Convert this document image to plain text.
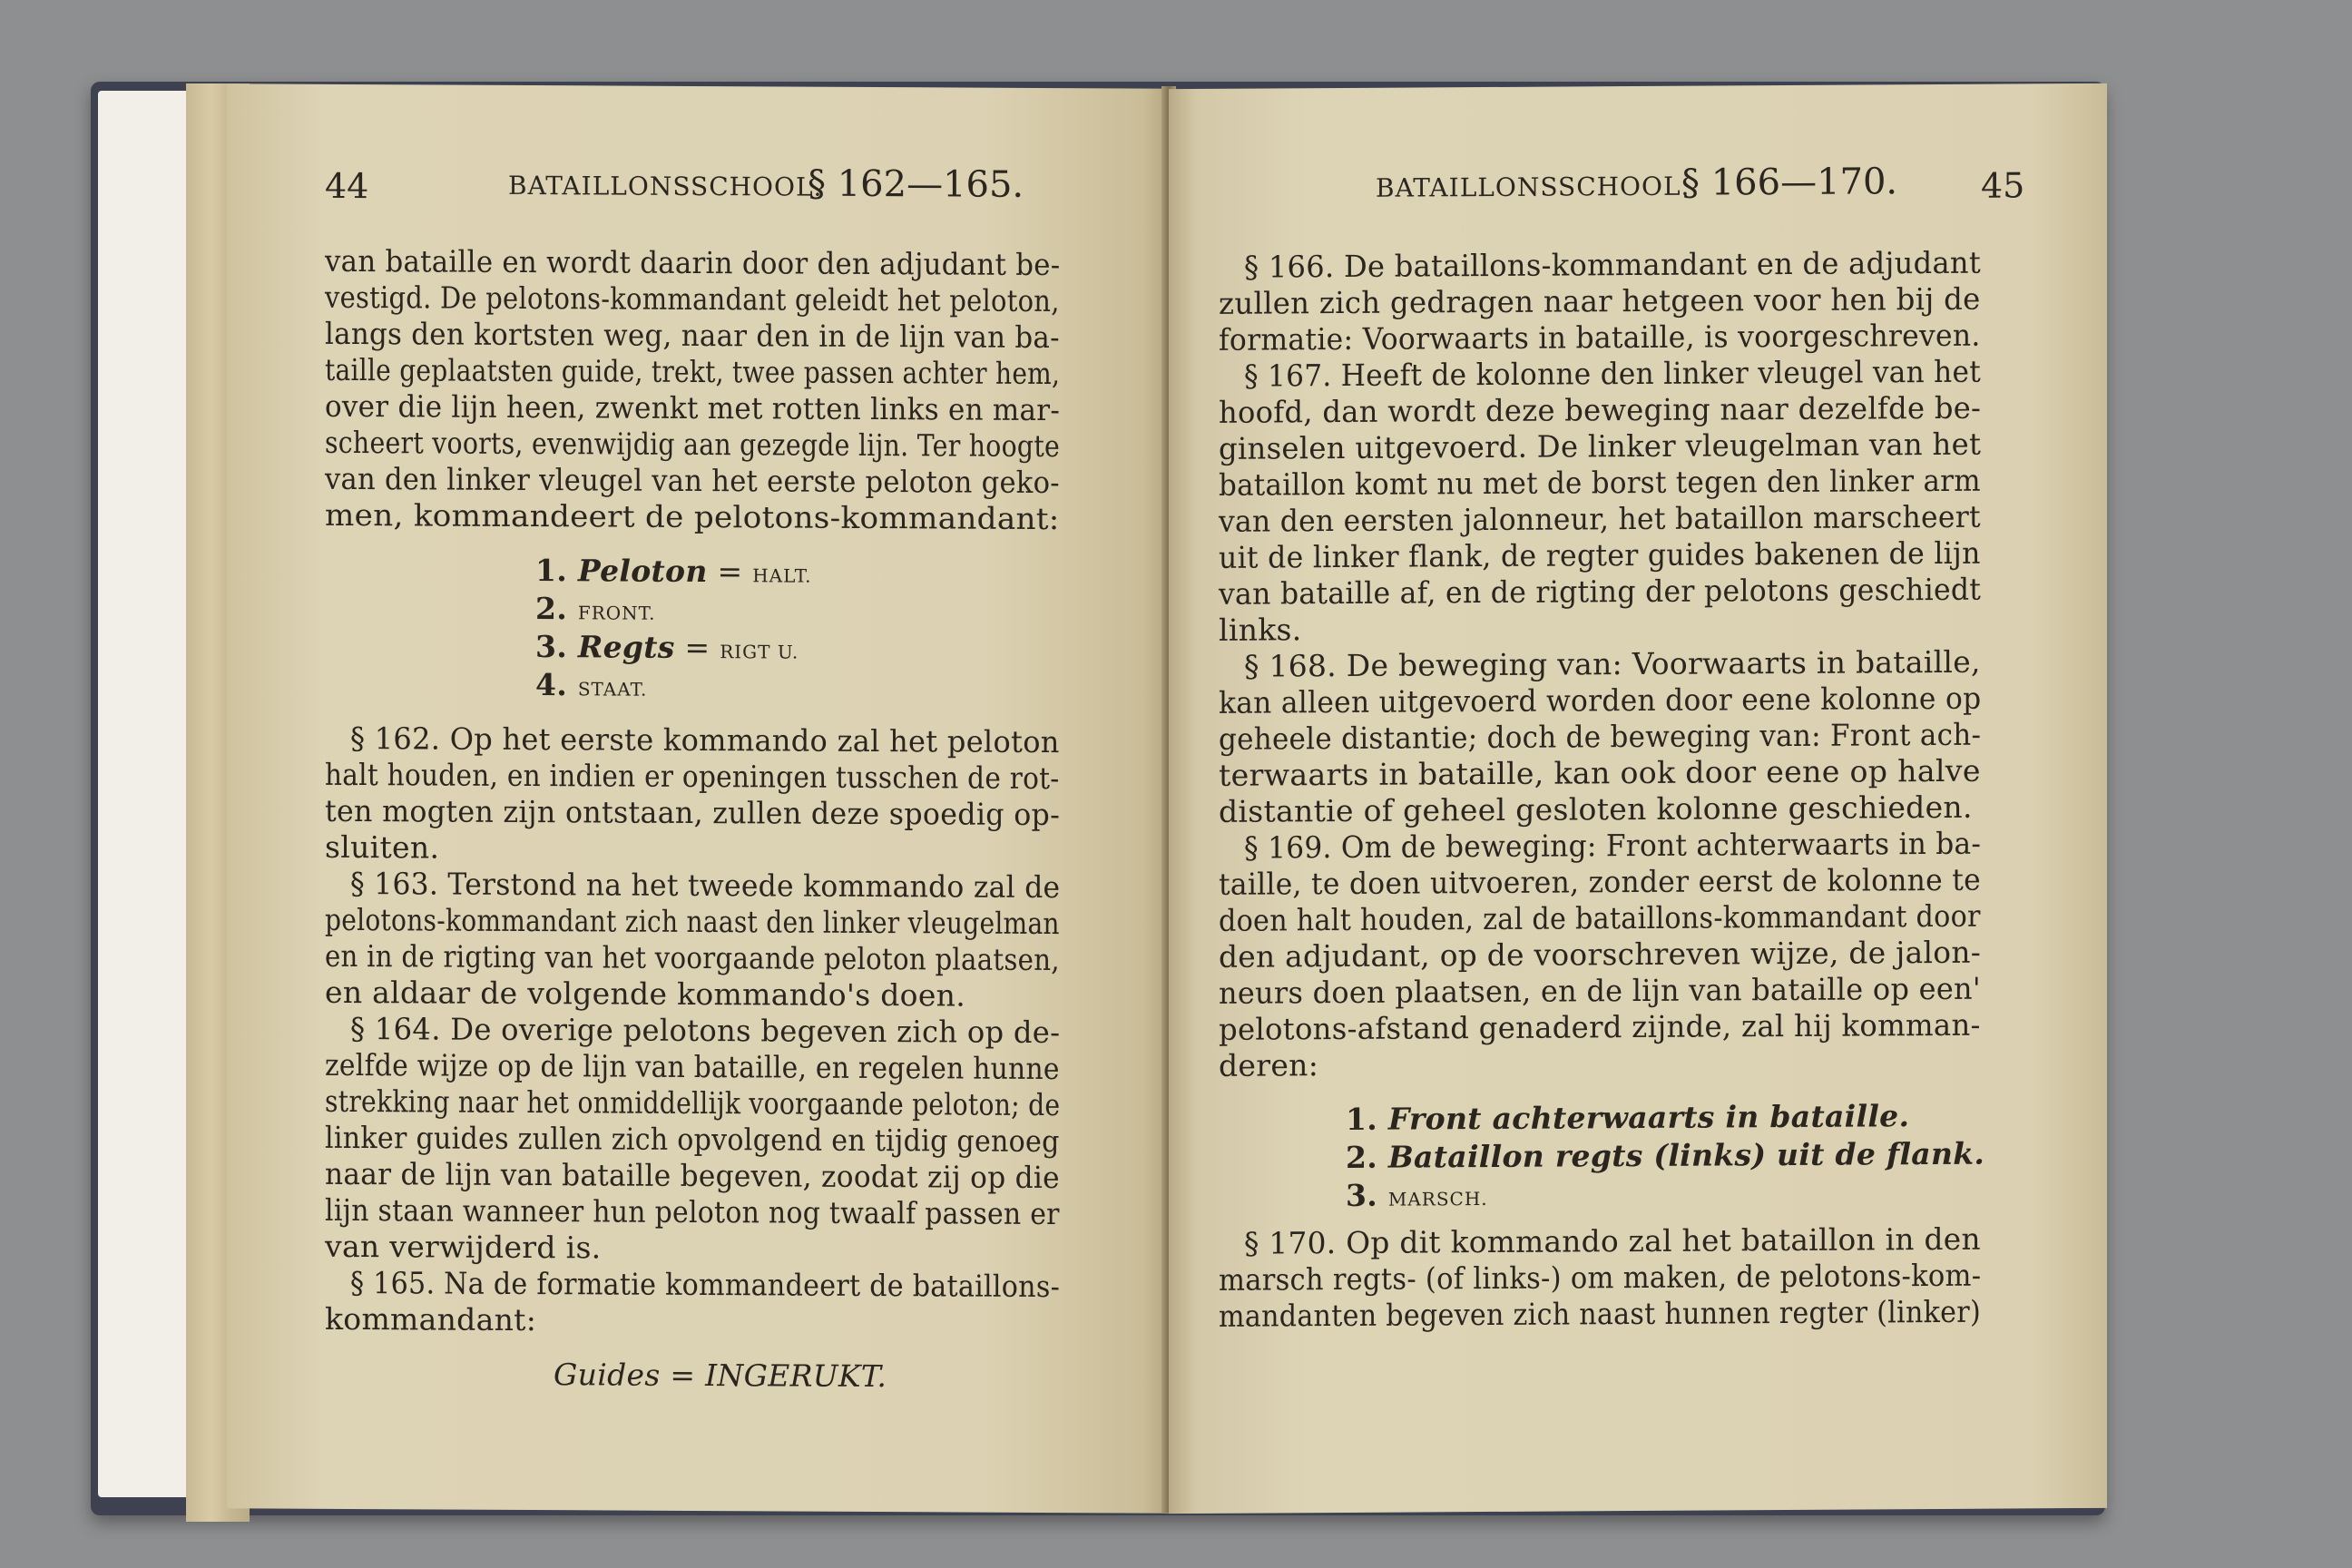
44	BATAILLONSSCHOOL.
§ 162—165.
van bataille en wordt daarin door den adjudant be-
vestigd. De pelotons-kommandant geleidt het peloton,
langs den kortsten weg, naar den in de lijn van ba-
taille geplaatsten guide, trekt, twee passen achter hem,
over die lijn heen, zwenkt met rotten links en mar-
scheert voorts, evenwijdig aan gezegde lijn. Ter hoogte
van den linker vleugel van het eerste peloton geko-
men, kommandeert de pelotons-kommandant:
1. Peloton = HALT.
2. FRONT.
3. Regts = RIGT U.
4. STAAT.
§ 162. Op het eerste kommando zal het peloton
halt houden, en indien er openingen tusschen de rot-
ten mogten zijn ontstaan, zullen deze spoedig op-
sluiten.
§ 163. Terstond na het tweede kommando zal de
pelotons-kommandant zich naast den linker vleugelman
en in de rigting van het voorgaande peloton plaatsen,
en aldaar de volgende kommando's doen.
§ 164. De overige pelotons begeven zich op de-
zelfde wijze op de lijn van bataille, en regelen hunne
strekking naar het onmiddellijk voorgaande peloton; de
linker guides zullen zich opvolgend en tijdig genoeg
naar de lijn van bataille begeven, zoodat zij op die
lijn staan wanneer hun peloton nog twaalf passen er
van verwijderd is.
§ 165. Na de formatie kommandeert de bataillons-
kommandant:
Guides = INGERUKT.
BATAILLONSSCHOOL.
§ 166—170. 45
§ 166. De bataillons-kommandant en de adjudant
zullen zich gedragen naar hetgeen voor hen bij de
formatie: Voorwaarts in bataille, is voorgeschreven.
§ 167. Heeft de kolonne den linker vleugel van het
hoofd, dan wordt deze beweging naar dezelfde be-
ginselen uitgevoerd. De linker vleugelman van het
bataillon komt nu met de borst tegen den linker arm
van den eersten jalonneur, het bataillon marscheert
uit de linker flank, de regter guides bakenen de lijn
van bataille af, en de rigting der pelotons geschiedt
links.
§ 168. De beweging van: Voorwaarts in bataille,
kan alleen uitgevoerd worden door eene kolonne op
geheele distantie; doch de beweging van: Front ach-
terwaarts in bataille, kan ook door eene op halve
distantie of geheel gesloten kolonne geschieden.
§ 169. Om de beweging: Front achterwaarts in ba-
taille, te doen uitvoeren, zonder eerst de kolonne te
doen halt houden, zal de bataillons-kommandant door
den adjudant, op de voorschreven wijze, de jalon-
neurs doen plaatsen, en de lijn van bataille op een'
pelotons-afstand genaderd zijnde, zal hij komman-
deren:
1. Front achterwaarts in bataille.
2. Bataillon regts (links) uit de flank.
3. MARSCH.
§ 170. Op dit kommando zal het bataillon in den
marsch regts- (of links-) om maken, de pelotons-kom-
mandanten begeven zich naast hunnen regter (linker)
